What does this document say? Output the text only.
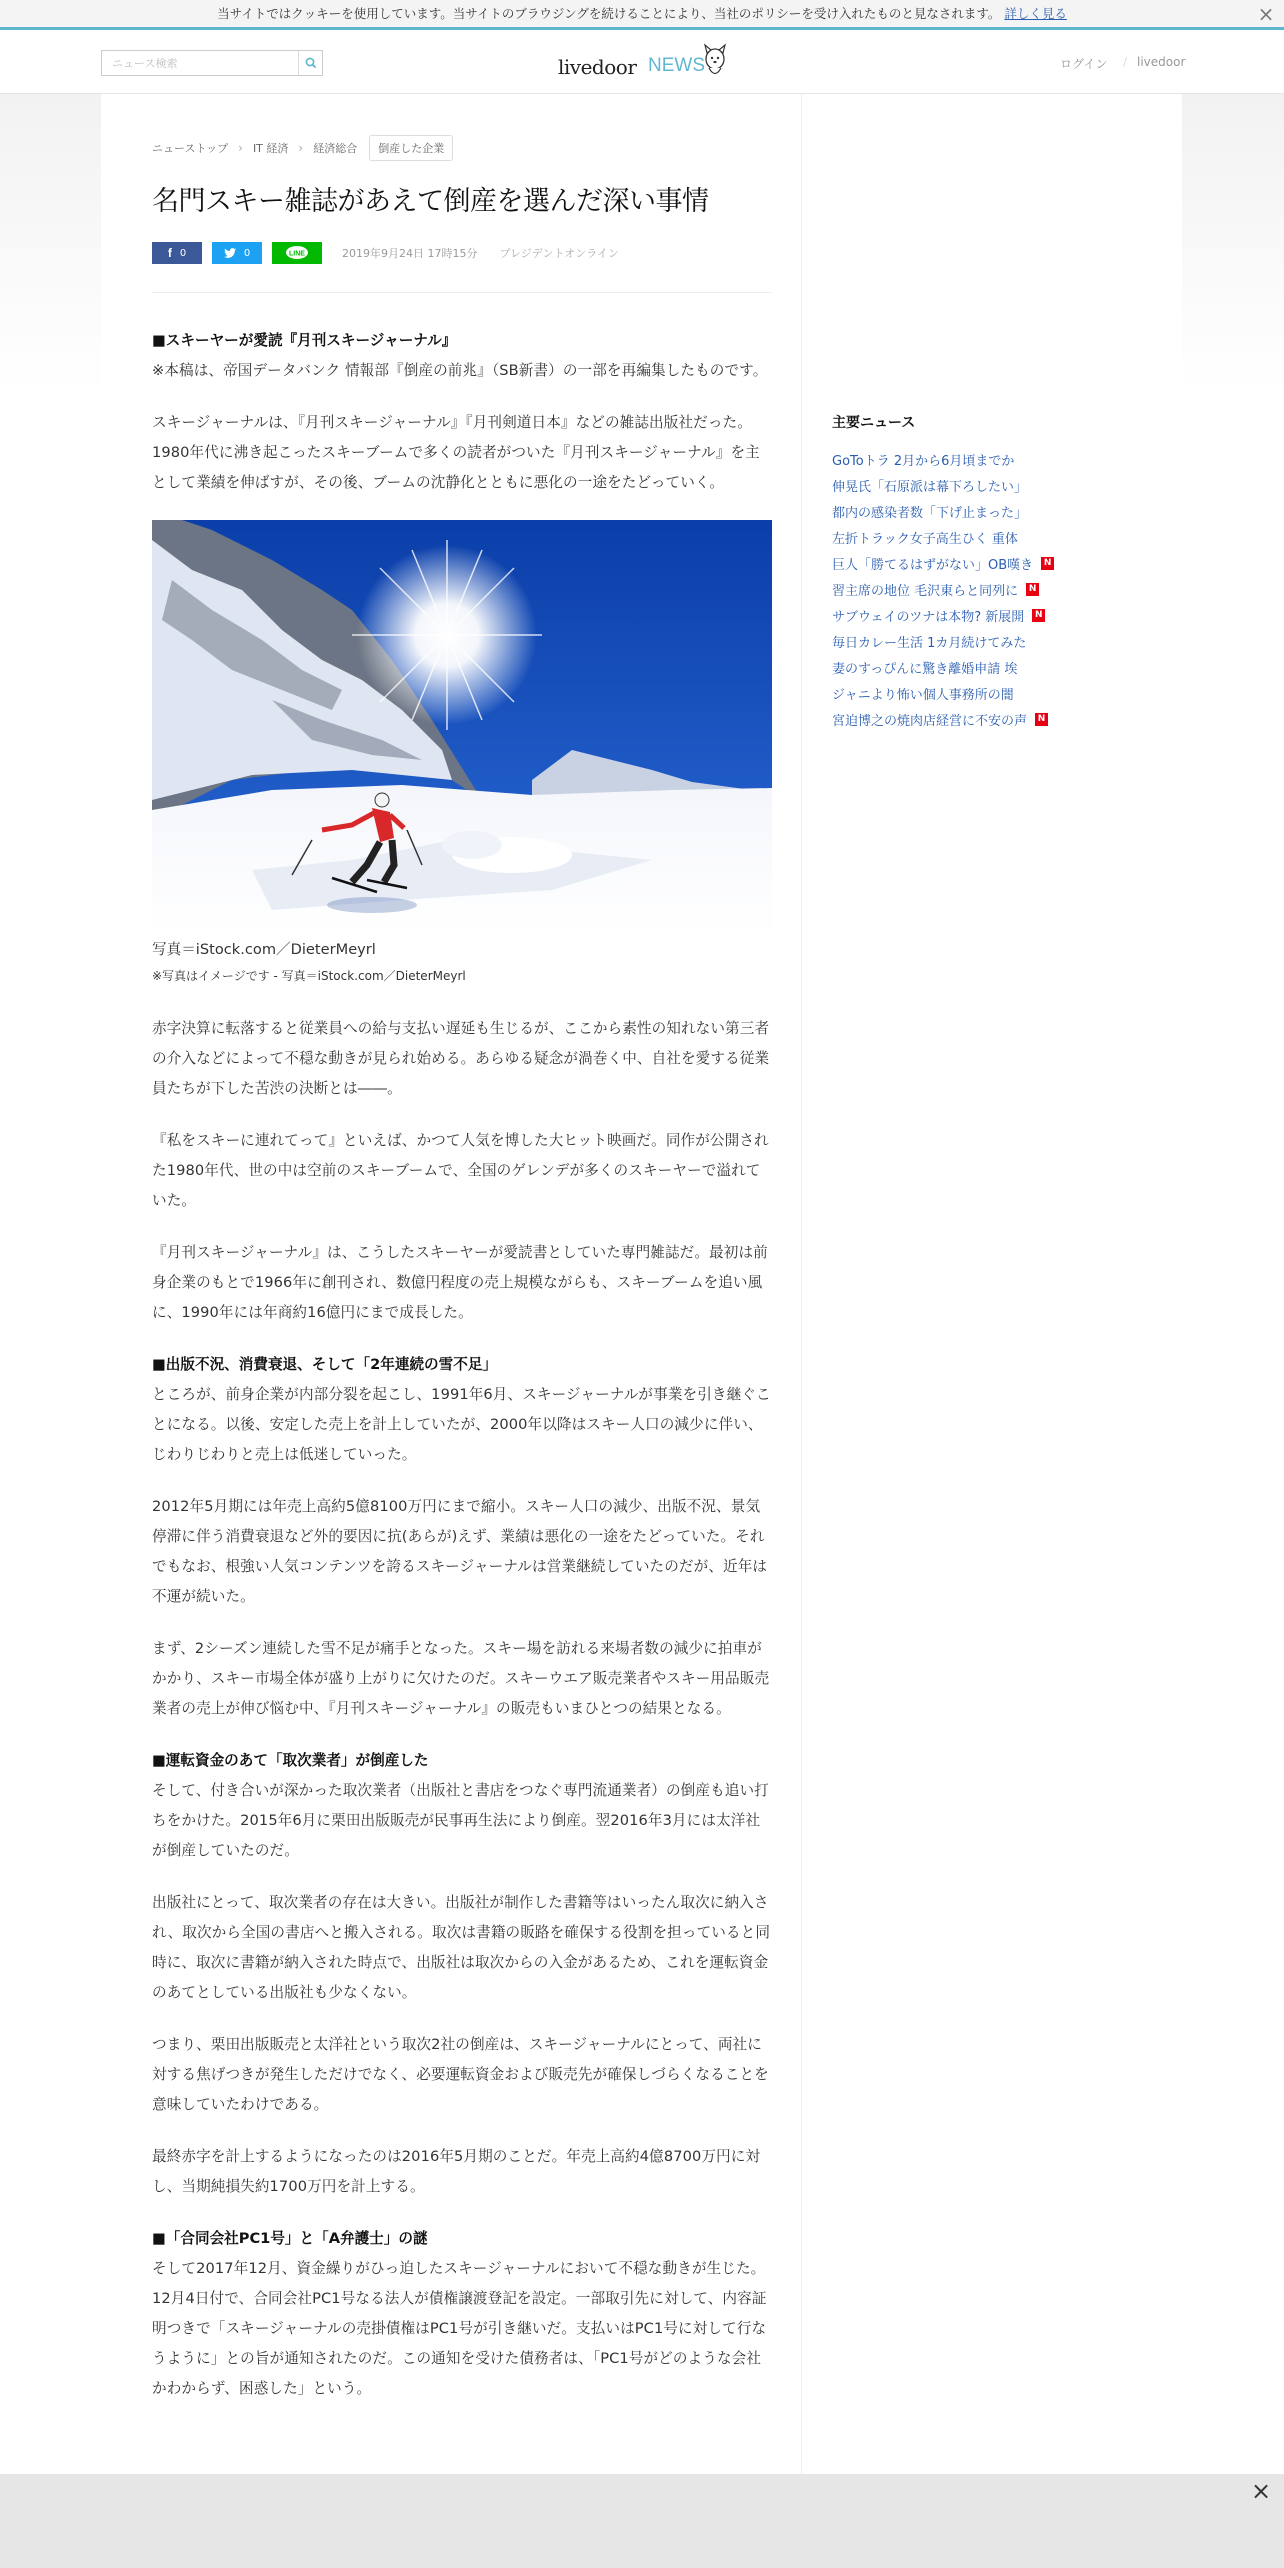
当サイトではクッキーを使用しています。当サイトのブラウジングを続けることにより、当社のポリシーを受け入れたものと見なされます。 詳しく見る	×
ニュース検索
livedoor NEWS	ログイン / livedoor
ニューストップ › IT 経済 › 経済総合	倒産した企業
名門スキー雑誌があえて倒産を選んだ深い事情
f 0	0	LINE	2019年9月24日 17時15分 プレジデントオンライン
■スキーヤーが愛読『月刊スキージャーナル』

※本稿は、帝国データバンク 情報部『倒産の前兆』（SB新書）の一部を再編集したものです。

スキージャーナルは、『月刊スキージャーナル』『月刊剣道日本』などの雑誌出版社だった。1980年代に沸き起こったスキーブームで多くの読者がついた『月刊スキージャーナル』を主として業績を伸ばすが、その後、ブームの沈静化とともに悪化の一途をたどっていく。

写真＝iStock.com／DieterMeyrl
※写真はイメージです - 写真＝iStock.com／DieterMeyrl

赤字決算に転落すると従業員への給与支払い遅延も生じるが、ここから素性の知れない第三者の介入などによって不穏な動きが見られ始める。あらゆる疑念が渦巻く中、自社を愛する従業員たちが下した苦渋の決断とは――。

『私をスキーに連れてって』といえば、かつて人気を博した大ヒット映画だ。同作が公開された1980年代、世の中は空前のスキーブームで、全国のゲレンデが多くのスキーヤーで溢れていた。

『月刊スキージャーナル』は、こうしたスキーヤーが愛読書としていた専門雑誌だ。最初は前身企業のもとで1966年に創刊され、数億円程度の売上規模ながらも、スキーブームを追い風に、1990年には年商約16億円にまで成長した。

■出版不況、消費衰退、そして「2年連続の雪不足」

ところが、前身企業が内部分裂を起こし、1991年6月、スキージャーナルが事業を引き継ぐことになる。以後、安定した売上を計上していたが、2000年以降はスキー人口の減少に伴い、じわりじわりと売上は低迷していった。

2012年5月期には年売上高約5億8100万円にまで縮小。スキー人口の減少、出版不況、景気停滞に伴う消費衰退など外的要因に抗(あらが)えず、業績は悪化の一途をたどっていた。それでもなお、根強い人気コンテンツを誇るスキージャーナルは営業継続していたのだが、近年は不運が続いた。

まず、2シーズン連続した雪不足が痛手となった。スキー場を訪れる来場者数の減少に拍車がかかり、スキー市場全体が盛り上がりに欠けたのだ。スキーウエア販売業者やスキー用品販売業者の売上が伸び悩む中、『月刊スキージャーナル』の販売もいまひとつの結果となる。

■運転資金のあて「取次業者」が倒産した

そして、付き合いが深かった取次業者（出版社と書店をつなぐ専門流通業者）の倒産も追い打ちをかけた。2015年6月に栗田出版販売が民事再生法により倒産。翌2016年3月には太洋社が倒産していたのだ。

出版社にとって、取次業者の存在は大きい。出版社が制作した書籍等はいったん取次に納入され、取次から全国の書店へと搬入される。取次は書籍の販路を確保する役割を担っていると同時に、取次に書籍が納入された時点で、出版社は取次からの入金があるため、これを運転資金のあてとしている出版社も少なくない。

つまり、栗田出版販売と太洋社という取次2社の倒産は、スキージャーナルにとって、両社に対する焦げつきが発生しただけでなく、必要運転資金および販売先が確保しづらくなることを意味していたわけである。

最終赤字を計上するようになったのは2016年5月期のことだ。年売上高約4億8700万円に対し、当期純損失約1700万円を計上する。

■「合同会社PC1号」と「A弁護士」の謎

そして2017年12月、資金繰りがひっ迫したスキージャーナルにおいて不穏な動きが生じた。12月4日付で、合同会社PC1号なる法人が債権譲渡登記を設定。一部取引先に対して、内容証明つきで「スキージャーナルの売掛債権はPC1号が引き継いだ。支払いはPC1号に対して行なうように」との旨が通知されたのだ。この通知を受けた債務者は、「PC1号がどのような会社かわからず、困惑した」という。

主要ニュース
GoToトラ 2月から6月頃までか
伸晃氏「石原派は幕下ろしたい」
都内の感染者数「下げ止まった」
左折トラック女子高生ひく 重体
巨人「勝てるはずがない」OB嘆き	N
習主席の地位 毛沢東らと同列に	N
サブウェイのツナは本物? 新展開	N
毎日カレー生活 1カ月続けてみた
妻のすっぴんに驚き離婚申請 埃
ジャニより怖い個人事務所の闇
宮迫博之の焼肉店経営に不安の声	N
×
